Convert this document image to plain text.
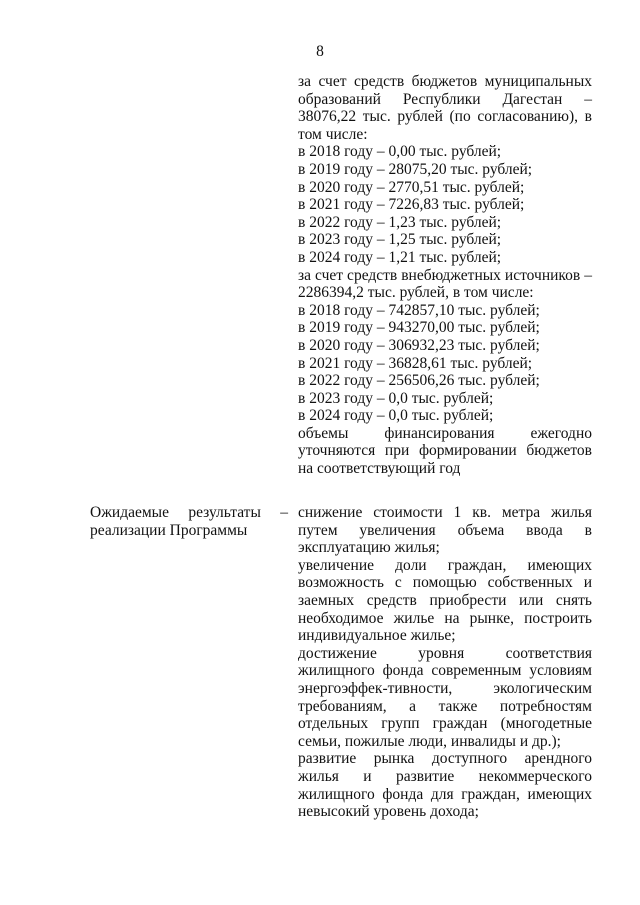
8

за счет средств бюджетов муниципальных образований Республики Дагестан – 38076,22 тыс. рублей (по согласованию), в том числе:

в 2018 году – 0,00 тыс. рублей;

в 2019 году – 28075,20 тыс. рублей;

в 2020 году – 2770,51 тыс. рублей;

в 2021 году – 7226,83 тыс. рублей;

в 2022 году – 1,23 тыс. рублей;

в 2023 году – 1,25 тыс. рублей;

в 2024 году – 1,21 тыс. рублей;

за счет средств внебюджетных источников – 2286394,2 тыс. рублей, в том числе:

в 2018 году – 742857,10 тыс. рублей;

в 2019 году – 943270,00 тыс. рублей;

в 2020 году – 306932,23 тыс. рублей;

в 2021 году – 36828,61 тыс. рублей;

в 2022 году – 256506,26 тыс. рублей;

в 2023 году – 0,0 тыс. рублей;

в 2024 году – 0,0 тыс. рублей;

объемы финансирования ежегодно уточняются при формировании бюджетов на соответствующий год

Ожидаемые результаты – реализации Программы

снижение стоимости 1 кв. метра жилья путем увеличения объема ввода в эксплуатацию жилья;

увеличение доли граждан, имеющих возможность с помощью собственных и заемных средств приобрести или снять необходимое жилье на рынке, построить индивидуальное жилье;

достижение уровня соответствия жилищного фонда современным условиям энергоэффек-тивности, экологическим требованиям, а также потребностям отдельных групп граждан (многодетные семьи, пожилые люди, инвалиды и др.);

развитие рынка доступного арендного жилья и развитие некоммерческого жилищного фонда для граждан, имеющих невысокий уровень дохода;
